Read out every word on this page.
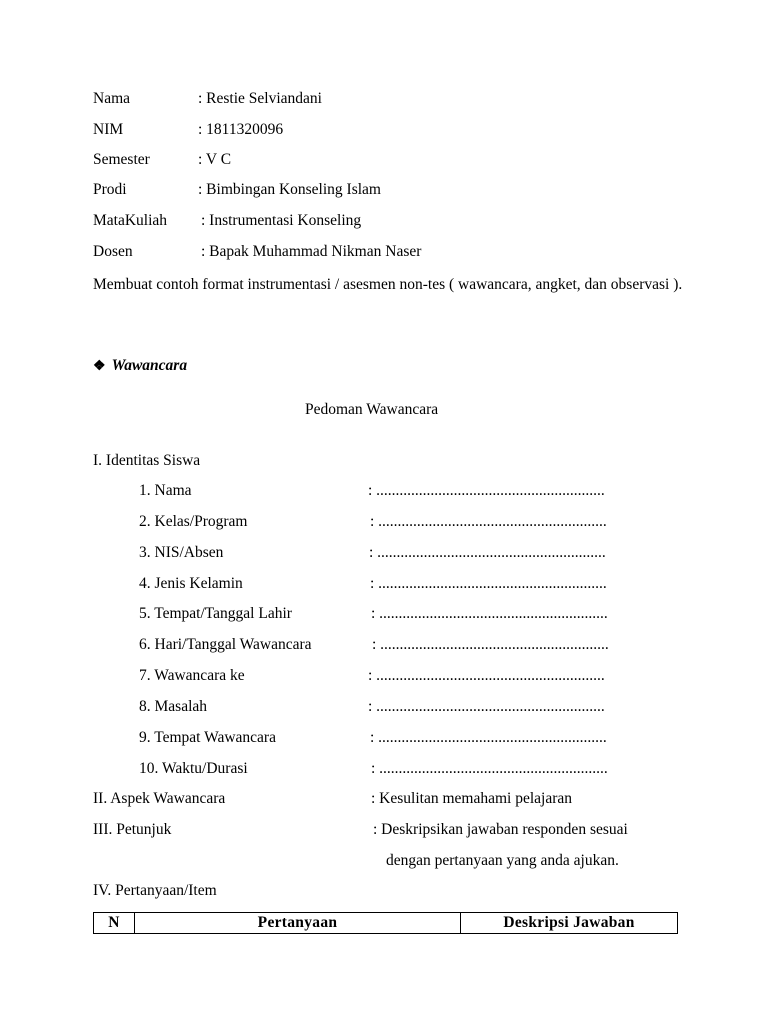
Nama	: Restie Selviandani
NIM	: 1811320096
Semester	: V C
Prodi	: Bimbingan Konseling Islam
MataKuliah : Instrumentasi Konseling
Dosen	: Bapak Muhammad Nikman Naser
Membuat contoh format instrumentasi / asesmen non-tes ( wawancara, angket, dan observasi ).
❖ Wawancara
Pedoman Wawancara
I. Identitas Siswa
1. Nama	: ...........................................................
2. Kelas/Program	: ...........................................................
3. NIS/Absen	: ...........................................................
4. Jenis Kelamin	: ...........................................................
5. Tempat/Tanggal Lahir	: ...........................................................
6. Hari/Tanggal Wawancara	: ...........................................................
7. Wawancara ke	: ...........................................................
8. Masalah	: ...........................................................
9. Tempat Wawancara	: ...........................................................
10. Waktu/Durasi	: ...........................................................
II. Aspek Wawancara	: Kesulitan memahami pelajaran
III. Petunjuk	: Deskripsikan jawaban responden sesuai
dengan pertanyaan yang anda ajukan.
IV. Pertanyaan/Item
N	Pertanyaan	Deskripsi Jawaban
